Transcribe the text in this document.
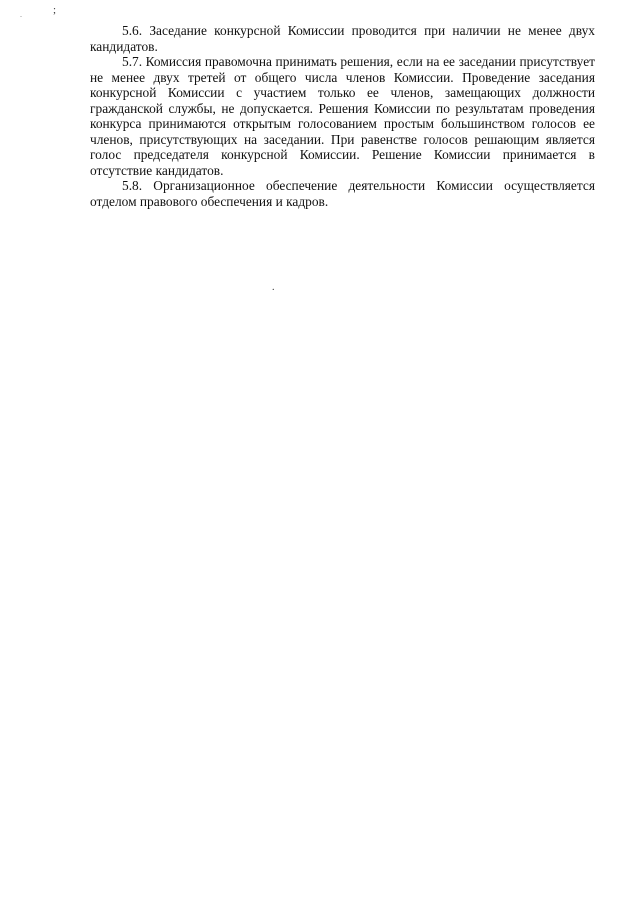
.	;

5.6. Заседание конкурсной Комиссии проводится при наличии не менее двух кандидатов.

5.7. Комиссия правомочна принимать решения, если на ее заседании присутствует не менее двух третей от общего числа членов Комиссии. Проведение заседания конкурсной Комиссии с участием только ее членов, замещающих должности гражданской службы, не допускается. Решения Комиссии по результатам проведения конкурса принимаются открытым голосованием простым большинством голосов ее членов, присутствующих на заседании. При равенстве голосов решающим является голос председателя конкурсной Комиссии. Решение Комиссии принимается в отсутствие кандидатов.

5.8. Организационное обеспечение деятельности Комиссии осуществляется отделом правового обеспечения и кадров.

.
